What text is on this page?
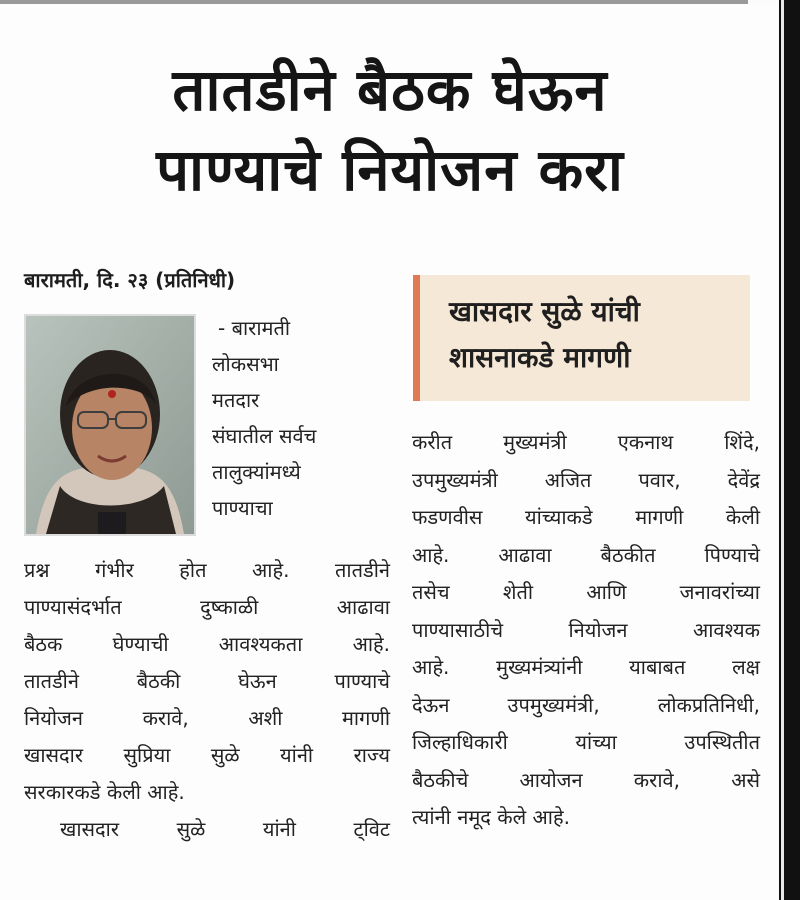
तातडीने बैठक घेऊन
पाण्याचे नियोजन करा
बारामती, दि. २३ (प्रतिनिधी)
- बारामती
लोकसभा
मतदार
संघातील सर्वच
तालुक्यांमध्ये
पाण्याचा
प्रश्न गंभीर होत आहे. तातडीने
पाण्यासंदर्भात दुष्काळी आढावा
बैठक घेण्याची आवश्यकता आहे.
तातडीने बैठकी घेऊन पाण्याचे
नियोजन करावे, अशी मागणी
खासदार सुप्रिया सुळे यांनी राज्य
सरकारकडे केली आहे.
खासदार सुळे यांनी ट्विट
खासदार सुळे यांची
शासनाकडे मागणी
करीत मुख्यमंत्री एकनाथ शिंदे,
उपमुख्यमंत्री अजित पवार, देवेंद्र
फडणवीस यांच्याकडे मागणी केली
आहे. आढावा बैठकीत पिण्याचे
तसेच शेती आणि जनावरांच्या
पाण्यासाठीचे नियोजन आवश्यक
आहे. मुख्यमंत्र्यांनी याबाबत लक्ष
देऊन उपमुख्यमंत्री, लोकप्रतिनिधी,
जिल्हाधिकारी यांच्या उपस्थितीत
बैठकीचे आयोजन करावे, असे
त्यांनी नमूद केले आहे.
